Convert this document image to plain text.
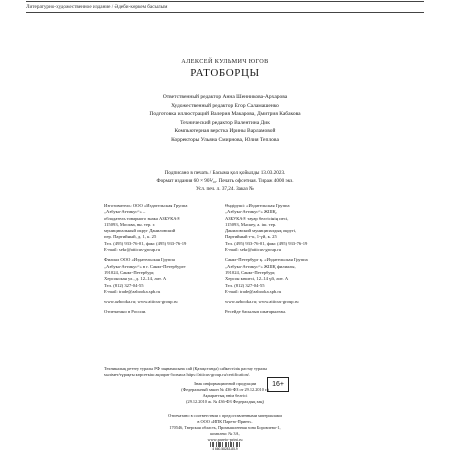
Литературно-художественное издание / Әдеби-көркем басылым
АЛЕКСЕЙ КУЛЬМИЧ ЮГОВ
РАТОБОРЦЫ
Ответственный редактор Анна Шенникова-Архарова
Художественный редактор Егор Саламашенко
Подготовка иллюстраций Валерия Макарова, Дмитрия Кабакова
Технический редактор Валентина Дик
Компьютерная верстка Ирины Варламовой
Корректоры Ульяна Смирнова, Юлия Теплова
Подписано в печать / Басыма қол қойылды 13.03.2023.
Формат издания 60 × 90⅟₁₆. Печать офсетная. Тираж 4000 экз.
Усл. печ. л. 37,24. Заказ №
Изготовитель: ООО «Издательская Группа
„Азбука-Аттикус“» –
обладатель товарного знака АЗБУКА®
115093, Москва, вн. тер. г.
муниципальный округ Даниловский
пер. Партийный, д. 1, к. 25
Тел. (495) 933-76-01, факс (495) 933-76-19
E-mail: sekr@atticus-group.ru
Филиал ООО «Издательская Группа
„Азбука-Аттикус“» в г. Санкт-Петербурге
191024, Санкт-Петербург,
Херсонская ул., д. 12–14, лит. А
Тел. (812) 327-04-55
E-mail: trade@azbooka.spb.ru
www.azbooka.ru; www.atticus-group.ru
Отпечатано в России.
Өндіруші: «Издательская Группа
„Азбука-Аттикус“» ЖШҚ,
АЗБУКА® тауар белгісінің иесі,
115093, Мәскеу, а. іш. тер.
Даниловский муниципалдық округі,
Партийный т-к, 1-үй, к. 25
Тел. (495) 933-76-01, факс (495) 933-76-19
E-mail: sekr@atticus-group.ru
Санкт-Петербург қ. «Издательская Группа
„Азбука-Аттикус“» ЖШҚ филиалы,
191024, Санкт-Петербург,
Херсон көшесі, 12–14 үй, лит. А
Тел. (812) 327-04-55
E-mail: trade@azbooka.spb.ru
www.azbooka.ru; www.atticus-group.ru
Ресейде басылып шығарылған.
Техникалық реттеу туралы РФ заңнамасына сай (Қазақстанда) сәйкестілік растау туралы
мәлімет/тұрақты көрсеткіш ақпарат болмаса https://atticus-group.ru/certification/.
Знак информационной продукции
(Федеральный закон № 436-ФЗ от 29.12.2010 г.)
Ақпараттық өнім белгісі
(29.12.2010 ж. № 436-ФЗ Федералдық заң)
16+
Отпечатано в соответствии с предоставленными материалами
в ООО «ИПК Парето-Принт».
170546, Тверская область, Промышленная зона Боровлево-1,
комплекс № 3А,
www.pareto-print.ru
4 660-58283-85-9
